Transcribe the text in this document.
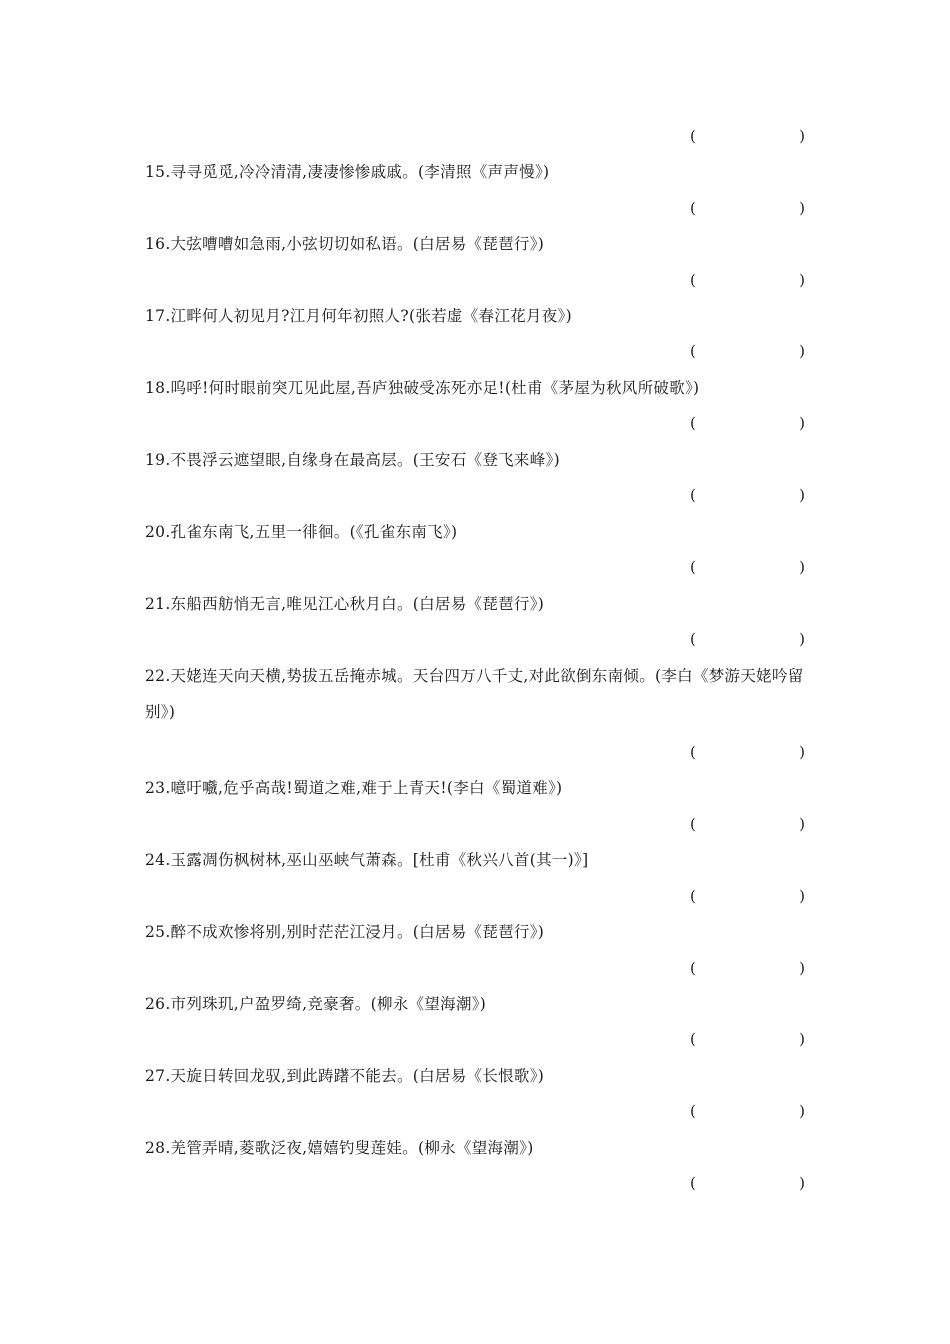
(	)
15.寻寻觅觅,冷冷清清,凄凄惨惨戚戚。(李清照《声声慢》)
(	)
16.大弦嘈嘈如急雨,小弦切切如私语。(白居易《琵琶行》)
(	)
17.江畔何人初见月?江月何年初照人?(张若虚《春江花月夜》)
(	)
18.呜呼!何时眼前突兀见此屋,吾庐独破受冻死亦足!(杜甫《茅屋为秋风所破歌》)
(	)
19.不畏浮云遮望眼,自缘身在最高层。(王安石《登飞来峰》)
(	)
20.孔雀东南飞,五里一徘徊。(《孔雀东南飞》)
(	)
21.东船西舫悄无言,唯见江心秋月白。(白居易《琵琶行》)
(	)
22.天姥连天向天横,势拔五岳掩赤城。天台四万八千丈,对此欲倒东南倾。(李白《梦游天姥吟留别》)
(	)
23.噫吁嚱,危乎高哉!蜀道之难,难于上青天!(李白《蜀道难》)
(	)
24.玉露凋伤枫树林,巫山巫峡气萧森。[杜甫《秋兴八首(其一)》]
(	)
25.醉不成欢惨将别,别时茫茫江浸月。(白居易《琵琶行》)
(	)
26.市列珠玑,户盈罗绮,竞豪奢。(柳永《望海潮》)
(	)
27.天旋日转回龙驭,到此踌躇不能去。(白居易《长恨歌》)
(	)
28.羌管弄晴,菱歌泛夜,嬉嬉钓叟莲娃。(柳永《望海潮》)
(	)
